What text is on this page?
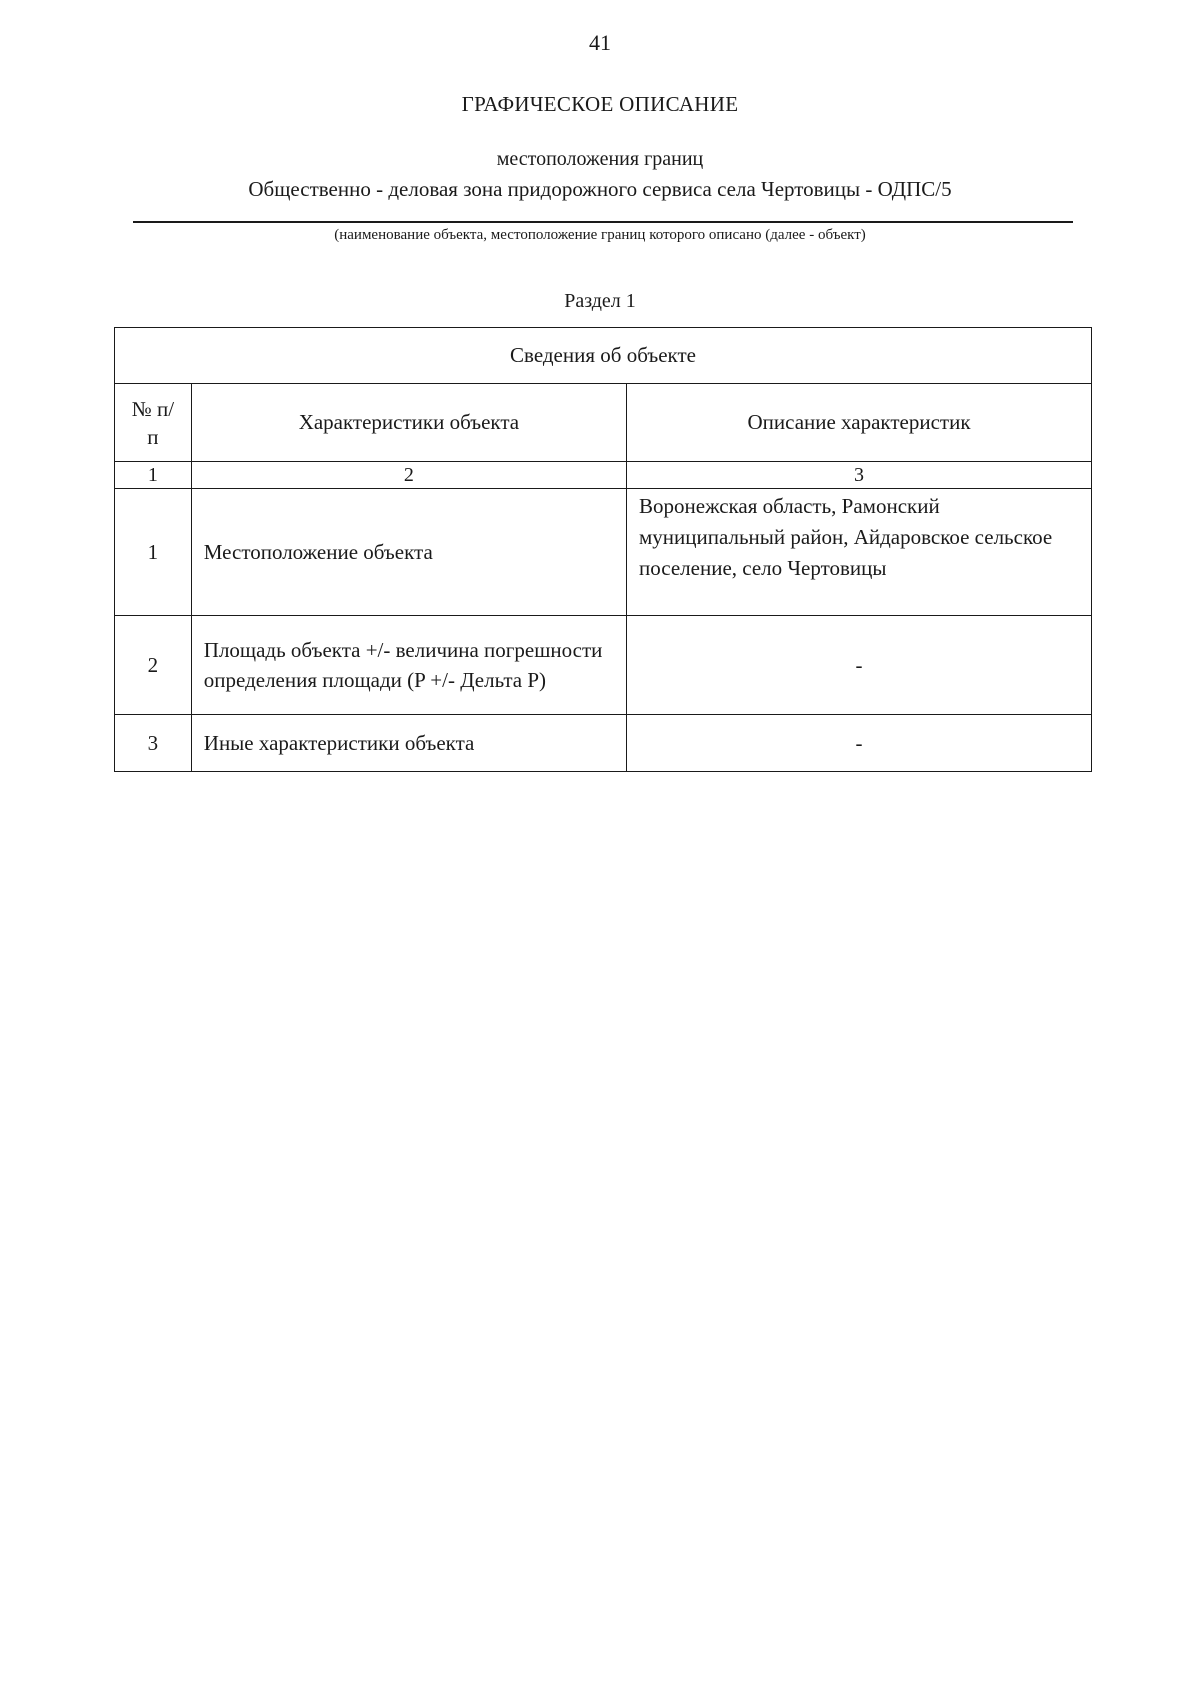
41
ГРАФИЧЕСКОЕ ОПИСАНИЕ
местоположения границ
Общественно - деловая зона придорожного сервиса села Чертовицы - ОДПС/5
(наименование объекта, местоположение границ которого описано (далее - объект)
Раздел 1
Сведения об объекте		
№ п/п	Характеристики объекта	Описание характеристик
1	2	3
1	Местоположение объекта	Воронежская область, Рамонский муниципальный район, Айдаровское сельское поселение, село Чертовицы
2	Площадь объекта +/- величина погрешности определения площади (P +/- Дельта P)	-
3	Иные характеристики объекта	-
